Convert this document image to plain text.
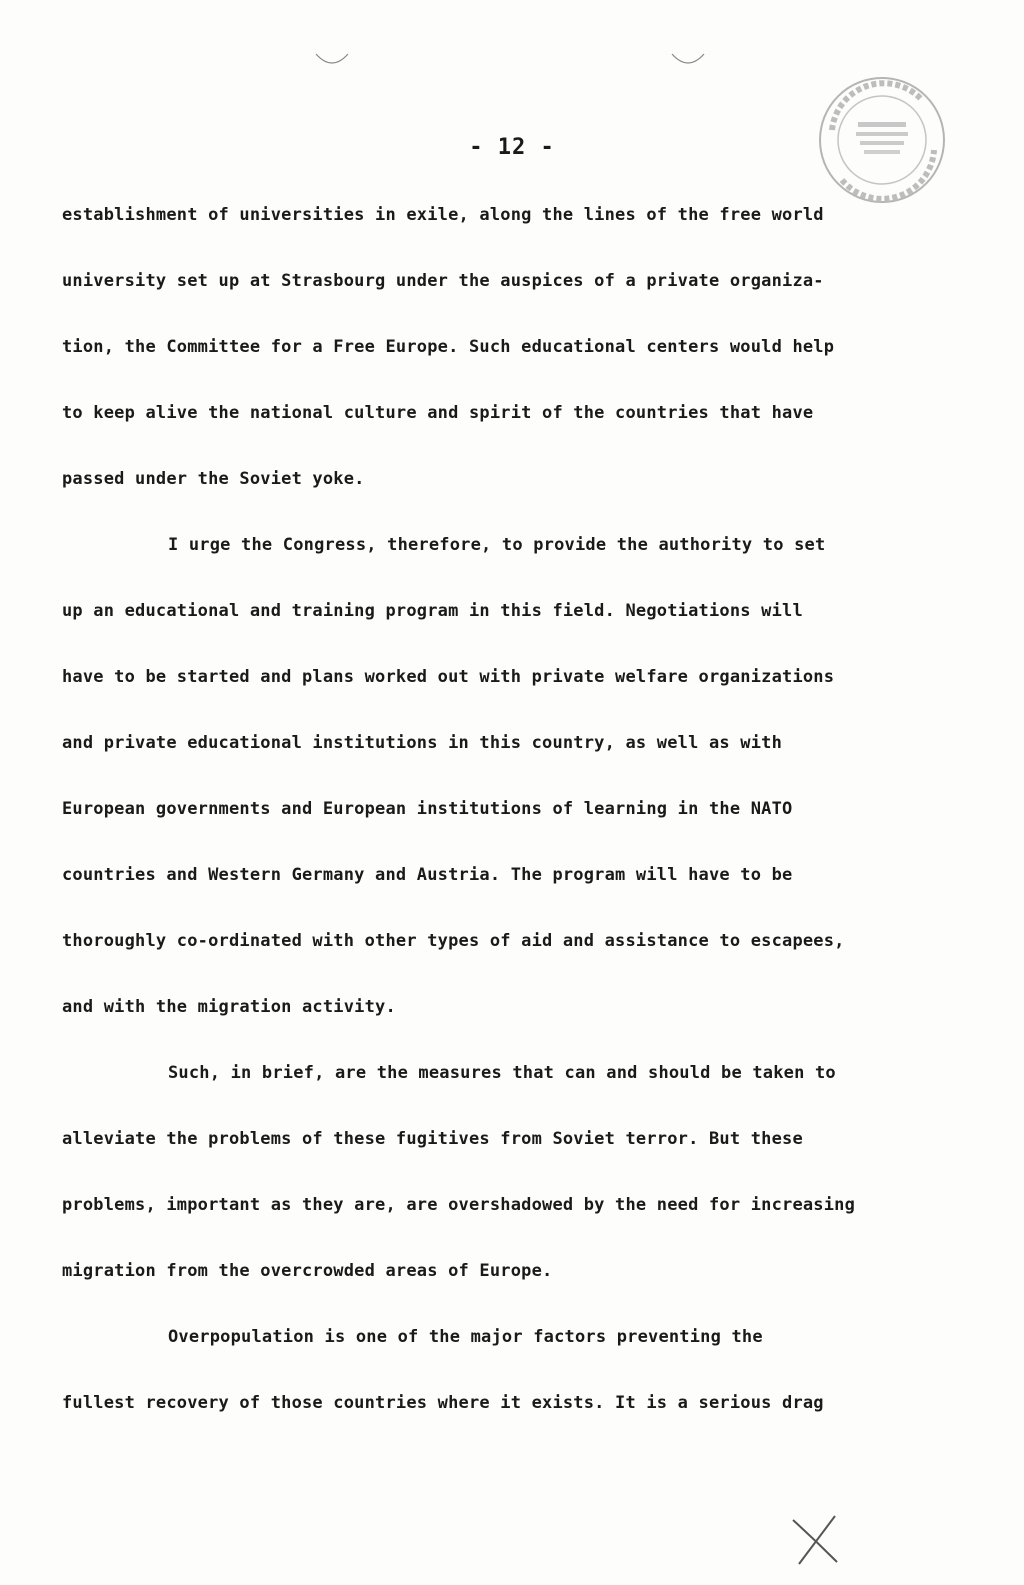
- 12 -
establishment of universities in exile, along the lines of the free world
university set up at Strasbourg under the auspices of a private organiza-
tion, the Committee for a Free Europe. Such educational centers would help
to keep alive the national culture and spirit of the countries that have
passed under the Soviet yoke.
I urge the Congress, therefore, to provide the authority to set
up an educational and training program in this field. Negotiations will
have to be started and plans worked out with private welfare organizations
and private educational institutions in this country, as well as with
European governments and European institutions of learning in the NATO
countries and Western Germany and Austria. The program will have to be
thoroughly co-ordinated with other types of aid and assistance to escapees,
and with the migration activity.
Such, in brief, are the measures that can and should be taken to
alleviate the problems of these fugitives from Soviet terror. But these
problems, important as they are, are overshadowed by the need for increasing
migration from the overcrowded areas of Europe.
Overpopulation is one of the major factors preventing the
fullest recovery of those countries where it exists. It is a serious drag
